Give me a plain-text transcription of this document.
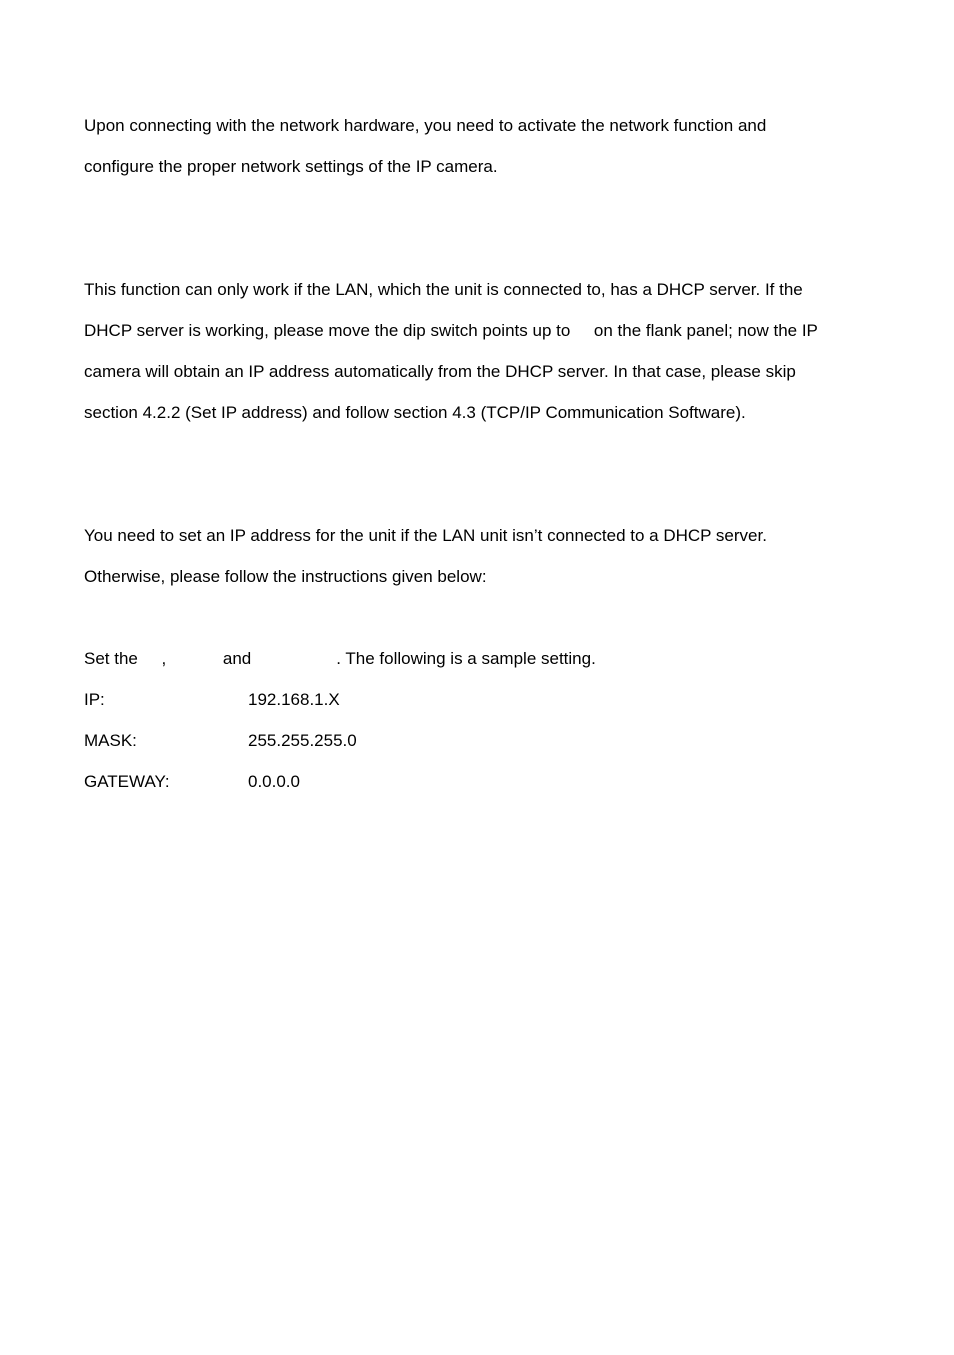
Upon connecting with the network hardware, you need to activate the network function and
configure the proper network settings of the IP camera.
This function can only work if the LAN, which the unit is connected to, has a DHCP server. If the
DHCP server is working, please move the dip switch points up to     on the flank panel; now the IP
camera will obtain an IP address automatically from the DHCP server. In that case, please skip
section 4.2.2 (Set IP address) and follow section 4.3 (TCP/IP Communication Software).
You need to set an IP address for the unit if the LAN unit isn’t connected to a DHCP server.
Otherwise, please follow the instructions given below:
Set the     ,            and                  . The following is a sample setting.
IP:	192.168.1.X
MASK:	255.255.255.0
GATEWAY:	0.0.0.0
